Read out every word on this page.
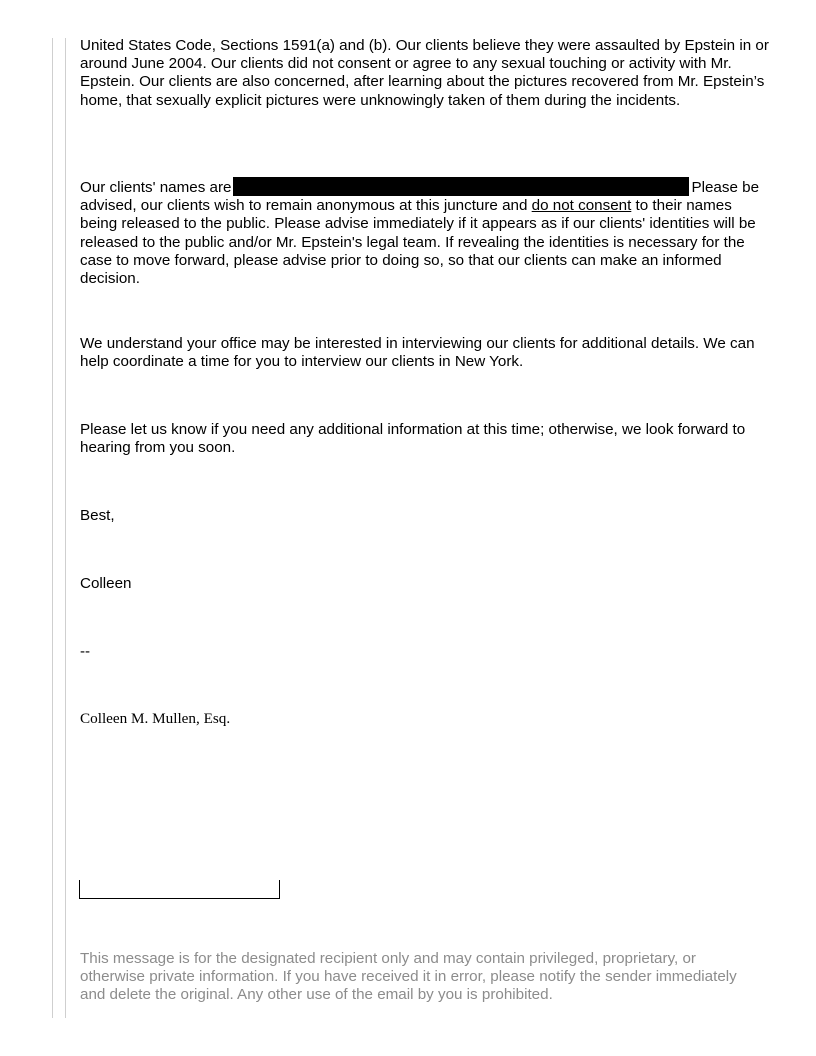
United States Code, Sections 1591(a) and (b). Our clients believe they were assaulted by Epstein in or around June 2004. Our clients did not consent or agree to any sexual touching or activity with Mr. Epstein. Our clients are also concerned, after learning about the pictures recovered from Mr. Epstein’s home, that sexually explicit pictures were unknowingly taken of them during the incidents.

Our clients' names are	Please be advised, our clients wish to remain anonymous at this juncture and do not consent to their names being released to the public. Please advise immediately if it appears as if our clients' identities will be released to the public and/or Mr. Epstein's legal team. If revealing the identities is necessary for the case to move forward, please advise prior to doing so, so that our clients can make an informed decision.

We understand your office may be interested in interviewing our clients for additional details. We can help coordinate a time for you to interview our clients in New York.

Please let us know if you need any additional information at this time; otherwise, we look forward to hearing from you soon.

Best,

Colleen

--

Colleen M. Mullen, Esq.

This message is for the designated recipient only and may contain privileged, proprietary, or otherwise private information. If you have received it in error, please notify the sender immediately and delete the original. Any other use of the email by you is prohibited.
